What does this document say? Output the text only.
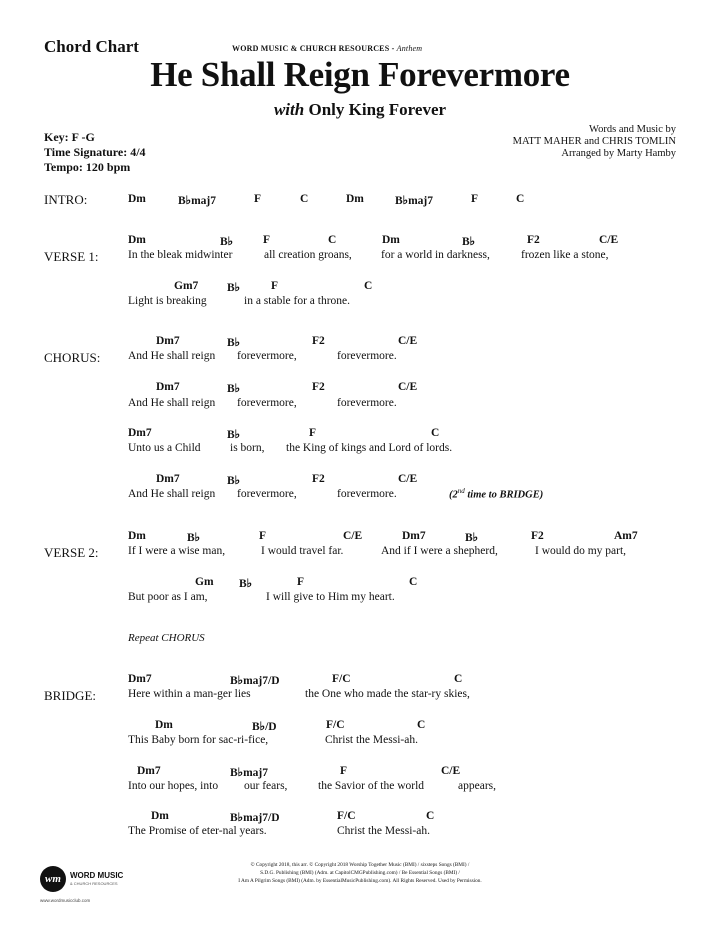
Chord Chart	WORD MUSIC & CHURCH RESOURCES - Anthem
He Shall Reign Forevermore
with Only King Forever
Key: F -G
Time Signature: 4/4
Tempo: 120 bpm
Words and Music by
MATT MAHER and CHRIS TOMLIN
Arranged by Marty Hamby
INTRO:	Dm	B♭maj7	F	C	Dm	B♭maj7	F	C
Dm	B♭	F	C	Dm	B♭	F2	C/E
VERSE 1:	In the bleak midwinter	all creation groans,	for a world in darkness,	frozen like a stone,
Gm7 B♭	F	C
Light is breaking	in a stable for a throne.
Dm7	B♭	F2	C/E
CHORUS: And He shall reign forevermore,	forevermore.
Dm7	B♭	F2	C/E
And He shall reign forevermore,	forevermore.
Dm7	B♭	F	C
Unto us a Child	is born, the King of kings and Lord of lords.
Dm7	B♭	F2	C/E
And He shall reign forevermore,	forevermore.	(2nd time to BRIDGE)
Dm	B♭	F	C/E	Dm7	B♭	F2	Am7
VERSE 2:	If I were a wise man,	I would travel far.	And if I were a shepherd,	I would do my part,
Gm B♭	F	C
But poor as I am,	I will give to Him my heart.
Repeat CHORUS
Dm7	B♭maj7/D	F/C	C
BRIDGE:	Here within a man-ger lies	the One who made the star-ry skies,
Dm	B♭/D	F/C	C
This Baby born for sac-ri-fice,	Christ the Messi-ah.
Dm7	B♭maj7	F	C/E
Into our hopes, into our fears,	the Savior of the world	appears,
Dm	B♭maj7/D	F/C	C
The Promise of eter-nal years.	Christ the Messi-ah.
wm	WORD MUSIC
& CHURCH RESOURCES
www.wordmusicclub.com
© Copyright 2018, this arr. © Copyright 2018 Worship Together Music (BMI) / sixsteps Songs (BMI) /
S.D.G. Publishing (BMI) (Adm. at CapitolCMGPublishing.com) / Be Essential Songs (BMI) /
I Am A Pilgrim Songs (BMI) (Adm. by EssentialMusicPublishing.com). All Rights Reserved. Used by Permission.
